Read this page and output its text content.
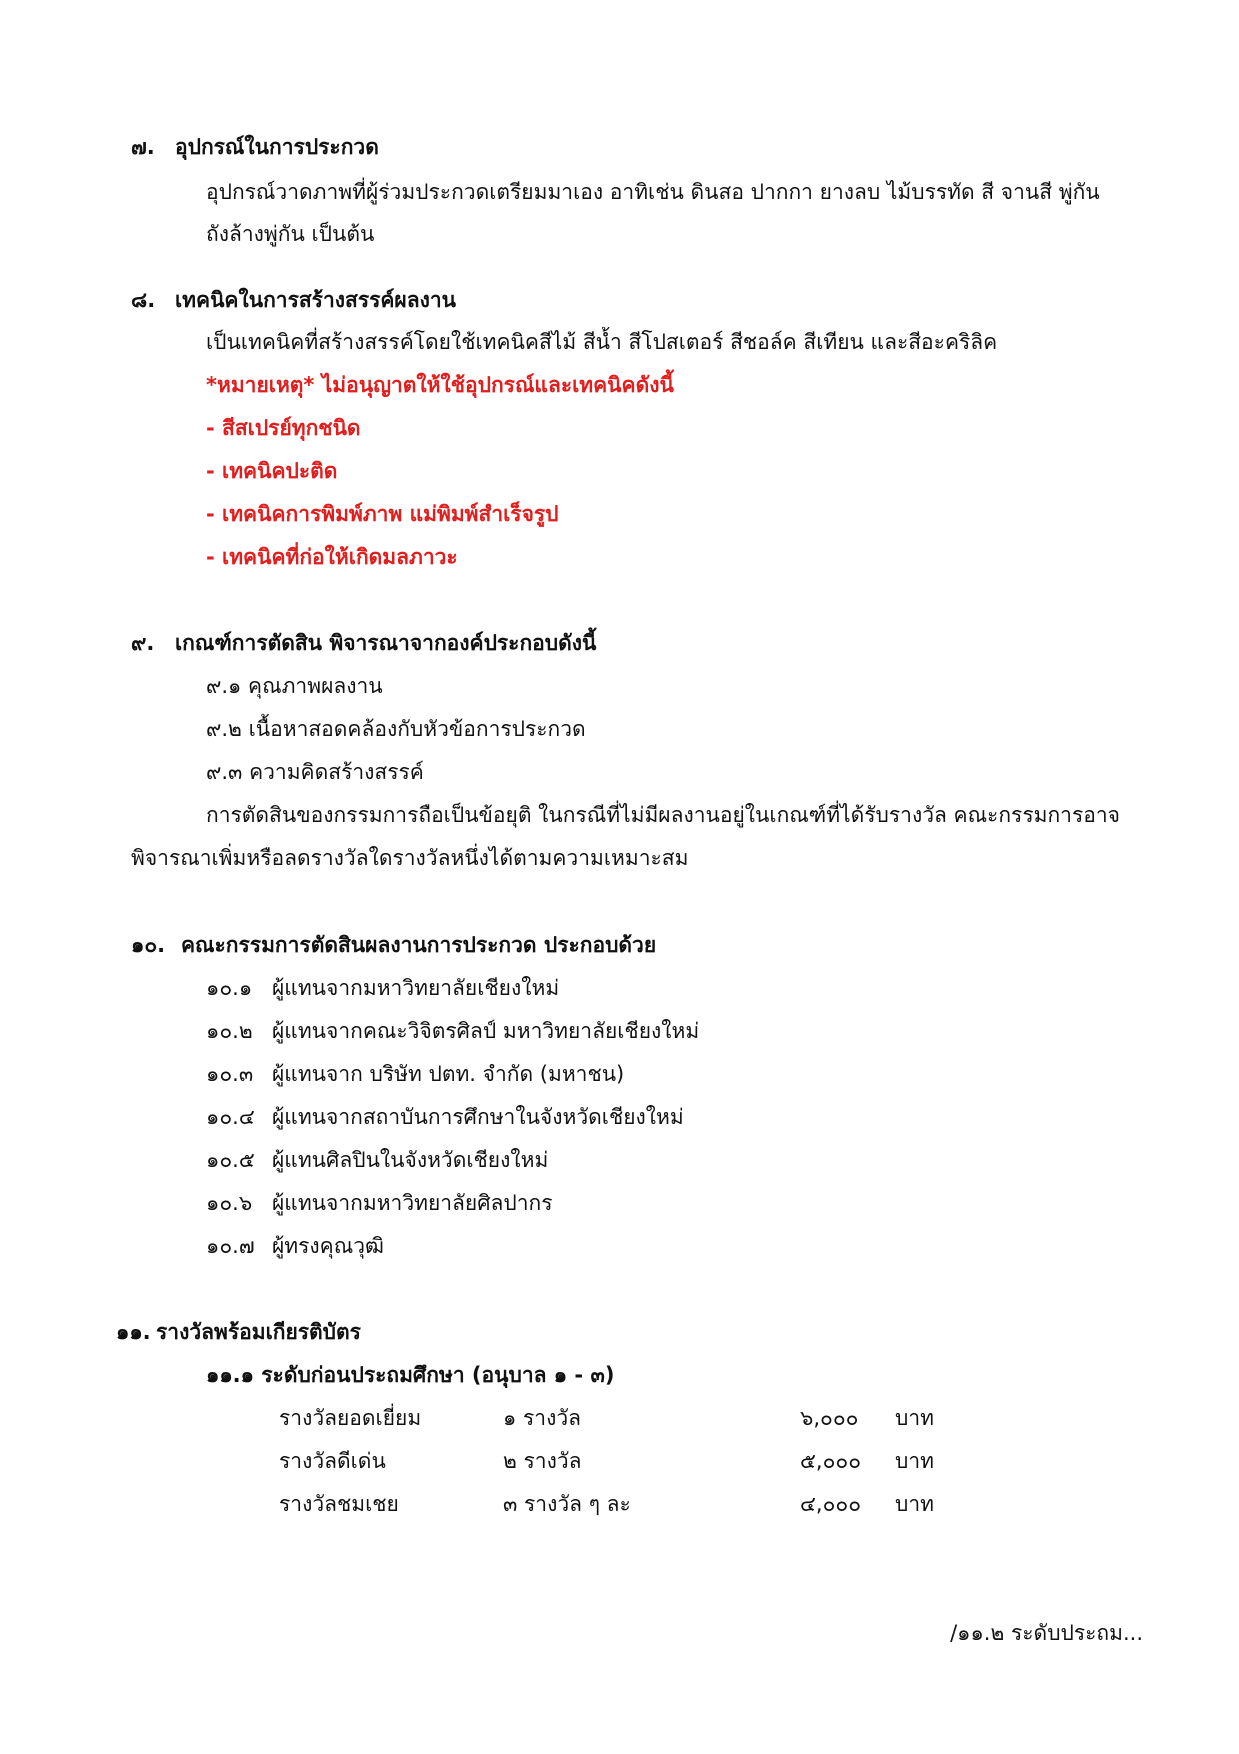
๗. อุปกรณ์ในการประกวด
อุปกรณ์วาดภาพที่ผู้ร่วมประกวดเตรียมมาเอง อาทิเช่น ดินสอ ปากกา ยางลบ ไม้บรรทัด สี จานสี พู่กัน
ถังล้างพู่กัน เป็นต้น
๘. เทคนิคในการสร้างสรรค์ผลงาน
เป็นเทคนิคที่สร้างสรรค์โดยใช้เทคนิคสีไม้ สีน้ำ สีโปสเตอร์ สีชอล์ค สีเทียน และสีอะคริลิค
*หมายเหตุ* ไม่อนุญาตให้ใช้อุปกรณ์และเทคนิคดังนี้
- สีสเปรย์ทุกชนิด
- เทคนิคปะติด
- เทคนิคการพิมพ์ภาพ แม่พิมพ์สำเร็จรูป
- เทคนิคที่ก่อให้เกิดมลภาวะ
๙. เกณฑ์การตัดสิน พิจารณาจากองค์ประกอบดังนี้
๙.๑ คุณภาพผลงาน
๙.๒ เนื้อหาสอดคล้องกับหัวข้อการประกวด
๙.๓ ความคิดสร้างสรรค์
การตัดสินของกรรมการถือเป็นข้อยุติ ในกรณีที่ไม่มีผลงานอยู่ในเกณฑ์ที่ได้รับรางวัล คณะกรรมการอาจ
พิจารณาเพิ่มหรือลดรางวัลใดรางวัลหนึ่งได้ตามความเหมาะสม
๑๐. คณะกรรมการตัดสินผลงานการประกวด ประกอบด้วย
๑๐.๑ ผู้แทนจากมหาวิทยาลัยเชียงใหม่
๑๐.๒ ผู้แทนจากคณะวิจิตรศิลป์ มหาวิทยาลัยเชียงใหม่
๑๐.๓ ผู้แทนจาก บริษัท ปตท. จำกัด (มหาชน)
๑๐.๔ ผู้แทนจากสถาบันการศึกษาในจังหวัดเชียงใหม่
๑๐.๕ ผู้แทนศิลปินในจังหวัดเชียงใหม่
๑๐.๖ ผู้แทนจากมหาวิทยาลัยศิลปากร
๑๐.๗ ผู้ทรงคุณวุฒิ
๑๑. รางวัลพร้อมเกียรติบัตร
๑๑.๑ ระดับก่อนประถมศึกษา (อนุบาล ๑ - ๓)
รางวัลยอดเยี่ยม	๑ รางวัล	๖,๐๐๐ บาท
รางวัลดีเด่น	๒ รางวัล	๕,๐๐๐ บาท
รางวัลชมเชย	๓ รางวัล ๆ ละ	๔,๐๐๐ บาท
/๑๑.๒ ระดับประถม...
